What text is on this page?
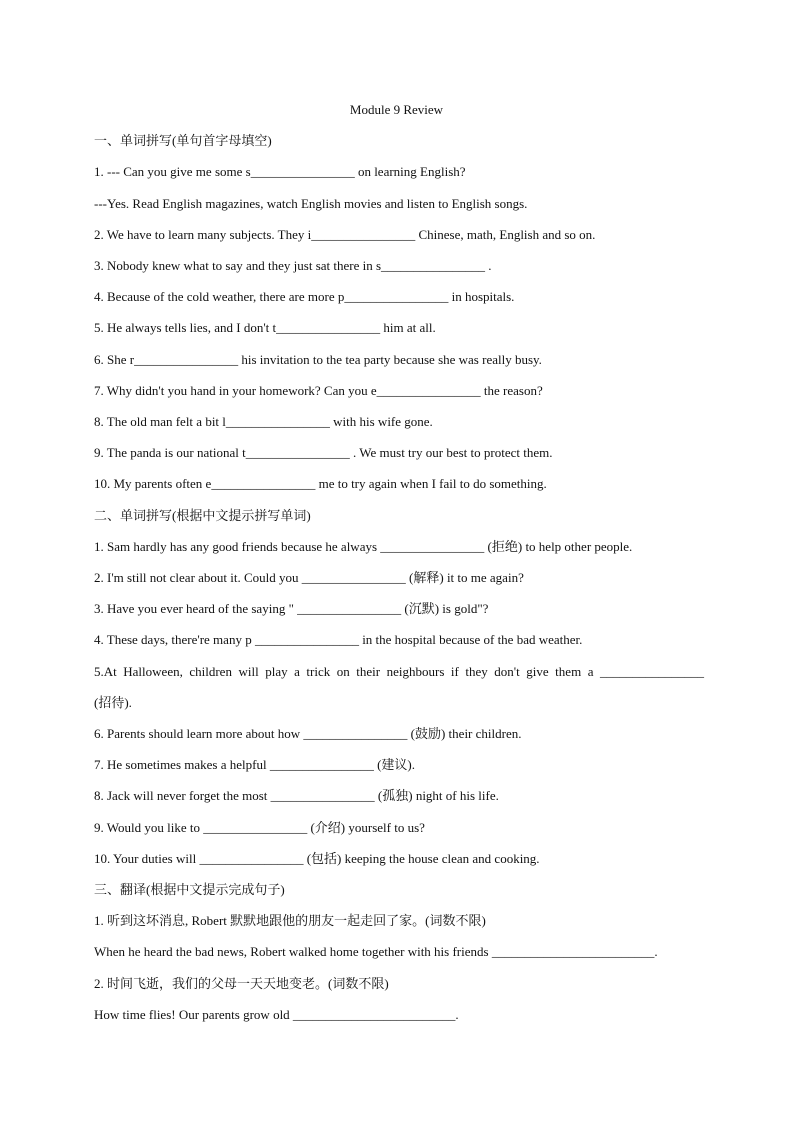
Module 9 Review
一、单词拼写(单句首字母填空)
1. --- Can you give me some s________________ on learning English?
---Yes. Read English magazines, watch English movies and listen to English songs.
2. We have to learn many subjects. They i________________ Chinese, math, English and so on.
3. Nobody knew what to say and they just sat there in s________________ .
4. Because of the cold weather, there are more p________________ in hospitals.
5. He always tells lies, and I don't t________________ him at all.
6. She r________________ his invitation to the tea party because she was really busy.
7. Why didn't you hand in your homework? Can you e________________ the reason?
8. The old man felt a bit l________________ with his wife gone.
9. The panda is our national t________________ . We must try our best to protect them.
10. My parents often e________________ me to try again when I fail to do something.
二、单词拼写(根据中文提示拼写单词)
1. Sam hardly has any good friends because he always ________________ (拒绝) to help other people.
2. I'm still not clear about it. Could you ________________ (解释) it to me again?
3. Have you ever heard of the saying " ________________ (沉默) is gold"?
4. These days, there're many p ________________ in the hospital because of the bad weather.
5.At Halloween, children will play a trick on their neighbours if they don't give them a ________________
(招待).
6. Parents should learn more about how ________________ (鼓励) their children.
7. He sometimes makes a helpful ________________ (建议).
8. Jack will never forget the most ________________ (孤独) night of his life.
9. Would you like to ________________ (介绍) yourself to us?
10. Your duties will ________________ (包括) keeping the house clean and cooking.
三、翻译(根据中文提示完成句子)
1. 听到这坏消息, Robert 默默地跟他的朋友一起走回了家。(词数不限)
When he heard the bad news, Robert walked home together with his friends _________________________.
2. 时间飞逝，我们的父母一天天地变老。(词数不限)
How time flies! Our parents grow old _________________________.
